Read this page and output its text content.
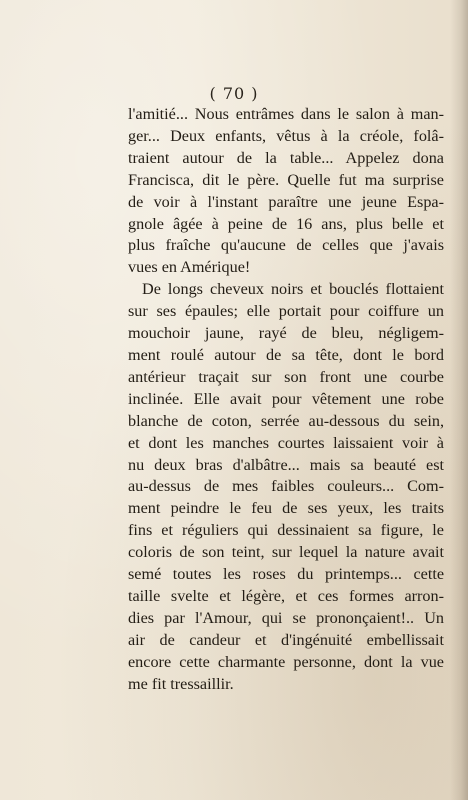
( 70 )
l'amitié... Nous entrâmes dans le salon à man-
ger... Deux enfants, vêtus à la créole, folâ-
traient autour de la table... Appelez dona
Francisca, dit le père. Quelle fut ma surprise
de voir à l'instant paraître une jeune Espa-
gnole âgée à peine de 16 ans, plus belle et
plus fraîche qu'aucune de celles que j'avais
vues en Amérique!
De longs cheveux noirs et bouclés flottaient
sur ses épaules; elle portait pour coiffure un
mouchoir jaune, rayé de bleu, négligem-
ment roulé autour de sa tête, dont le bord
antérieur traçait sur son front une courbe
inclinée. Elle avait pour vêtement une robe
blanche de coton, serrée au-dessous du sein,
et dont les manches courtes laissaient voir à
nu deux bras d'albâtre... mais sa beauté est
au-dessus de mes faibles couleurs... Com-
ment peindre le feu de ses yeux, les traits
fins et réguliers qui dessinaient sa figure, le
coloris de son teint, sur lequel la nature avait
semé toutes les roses du printemps... cette
taille svelte et légère, et ces formes arron-
dies par l'Amour, qui se prononçaient!.. Un
air de candeur et d'ingénuité embellissait
encore cette charmante personne, dont la vue
me fit tressaillir.
